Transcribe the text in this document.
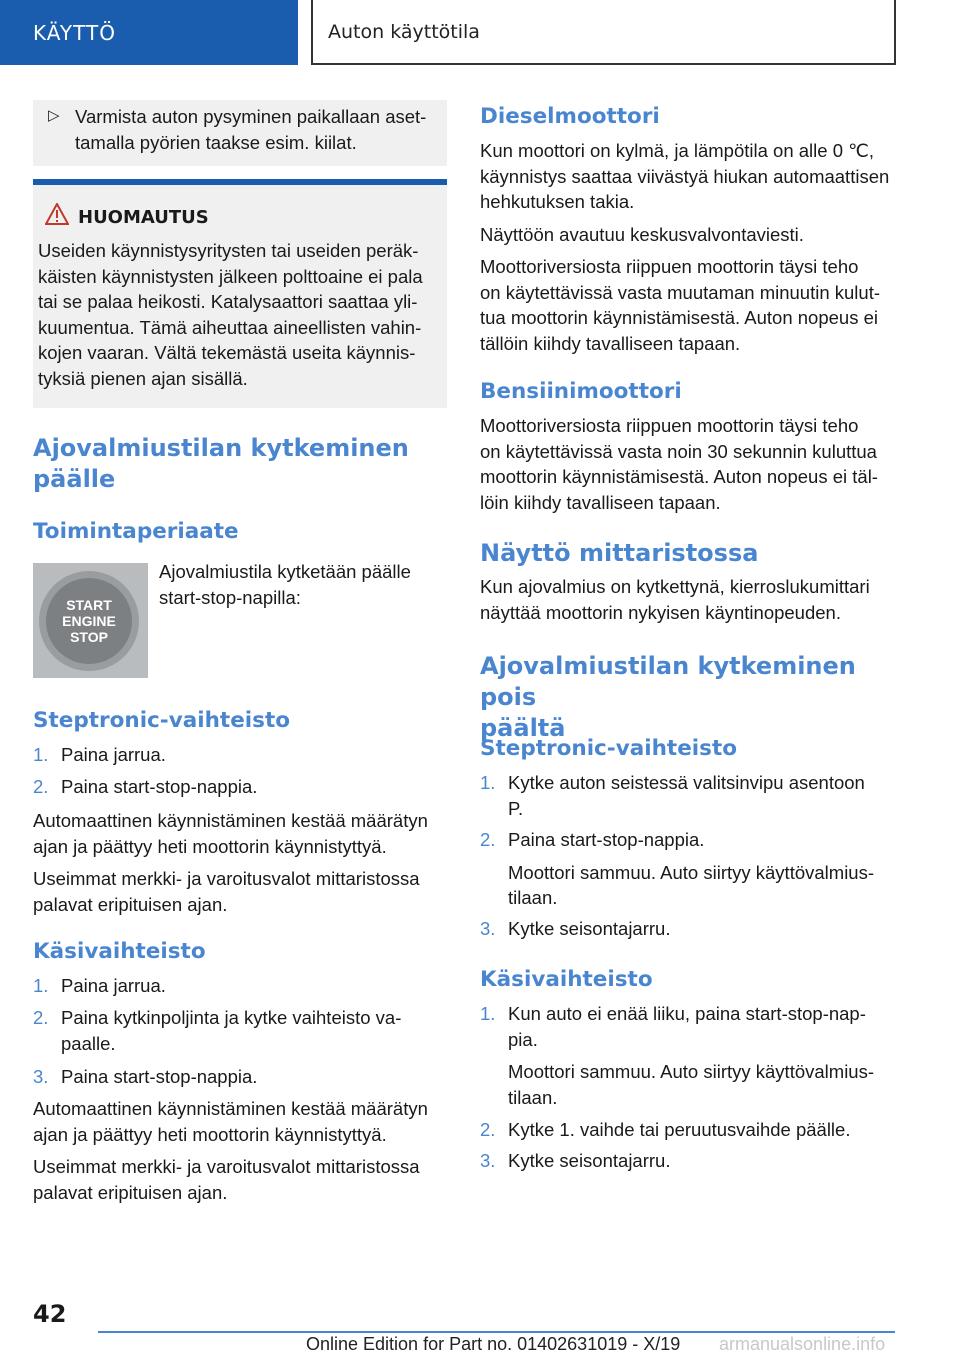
KÄYTTÖ	Auton käyttötila
▷ Varmista auton pysyminen paikallaan aset-
tamalla pyörien taakse esim. kiilat.
HUOMAUTUS
Useiden käynnistysyritysten tai useiden peräk-
käisten käynnistysten jälkeen polttoaine ei pala
tai se palaa heikosti. Katalysaattori saattaa yli-
kuumentua. Tämä aiheuttaa aineellisten vahin-
kojen vaaran. Vältä tekemästä useita käynnis-
tyksiä pienen ajan sisällä.
Ajovalmiustilan kytkeminen
päälle
Toimintaperiaate
START
ENGINE
STOP
Ajovalmiustila kytketään päälle
start-stop-napilla:
Steptronic-vaihteisto
1. Paina jarrua.
2. Paina start-stop-nappia.
Automaattinen käynnistäminen kestää määrätyn
ajan ja päättyy heti moottorin käynnistyttyä.
Useimmat merkki- ja varoitusvalot mittaristossa
palavat eripituisen ajan.
Käsivaihteisto
1. Paina jarrua.
2. Paina kytkinpoljinta ja kytke vaihteisto va-
paalle.
3. Paina start-stop-nappia.
Automaattinen käynnistäminen kestää määrätyn
ajan ja päättyy heti moottorin käynnistyttyä.
Useimmat merkki- ja varoitusvalot mittaristossa
palavat eripituisen ajan.
Dieselmoottori
Kun moottori on kylmä, ja lämpötila on alle 0 ℃,
käynnistys saattaa viivästyä hiukan automaattisen
hehkutuksen takia.
Näyttöön avautuu keskusvalvontaviesti.
Moottoriversiosta riippuen moottorin täysi teho
on käytettävissä vasta muutaman minuutin kulut-
tua moottorin käynnistämisestä. Auton nopeus ei
tällöin kiihdy tavalliseen tapaan.
Bensiinimoottori
Moottoriversiosta riippuen moottorin täysi teho
on käytettävissä vasta noin 30 sekunnin kuluttua
moottorin käynnistämisestä. Auton nopeus ei täl-
löin kiihdy tavalliseen tapaan.
Näyttö mittaristossa
Kun ajovalmius on kytkettynä, kierroslukumittari
näyttää moottorin nykyisen käyntinopeuden.
Ajovalmiustilan kytkeminen pois
päältä
Steptronic-vaihteisto
1. Kytke auton seistessä valitsinvipu asentoon
P.
2. Paina start-stop-nappia.
Moottori sammuu. Auto siirtyy käyttövalmius-
tilaan.
3. Kytke seisontajarru.
Käsivaihteisto
1. Kun auto ei enää liiku, paina start-stop-nap-
pia.
Moottori sammuu. Auto siirtyy käyttövalmius-
tilaan.
2. Kytke 1. vaihde tai peruutusvaihde päälle.
3. Kytke seisontajarru.
42
Online Edition for Part no. 01402631019 - X/19 armanualsonline.info
